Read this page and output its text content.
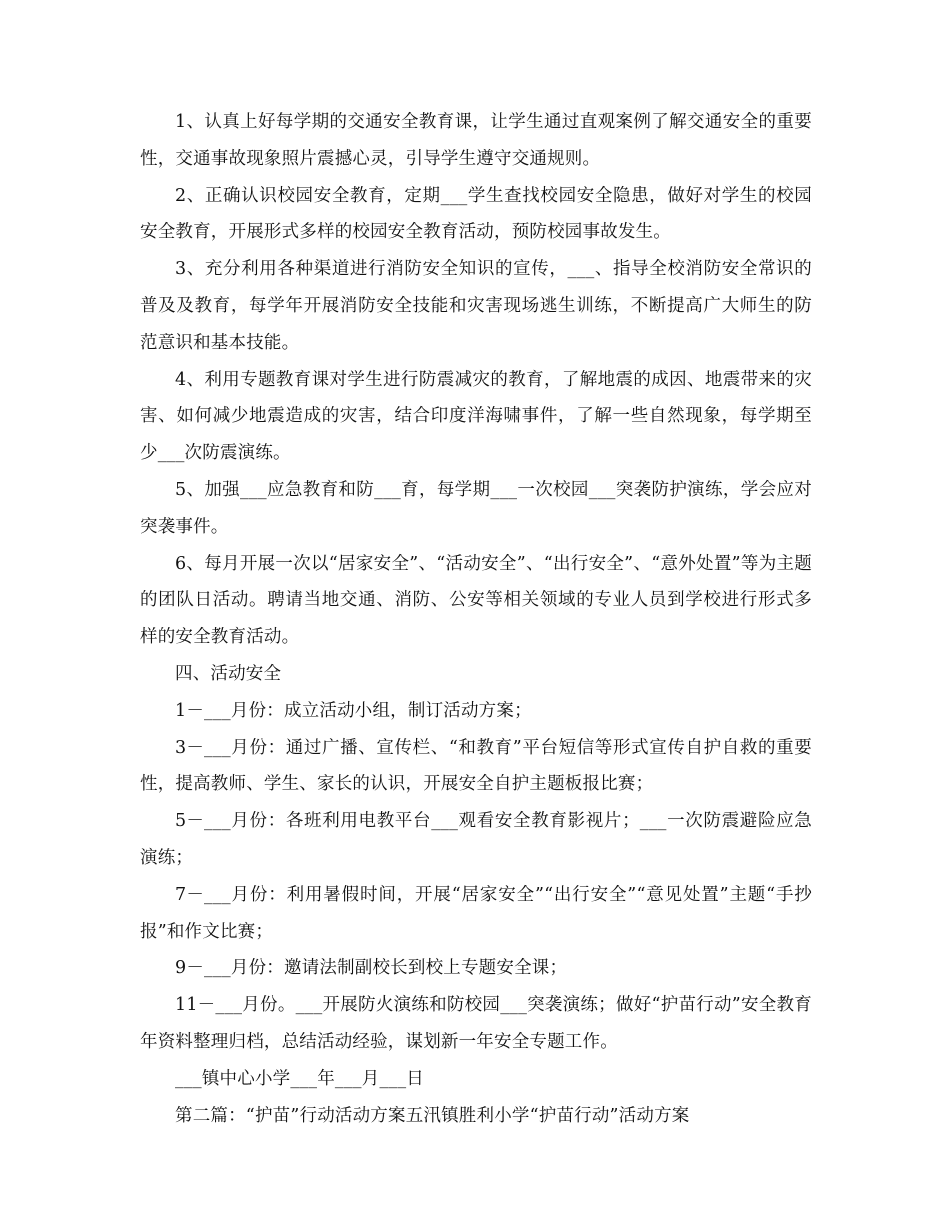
1、认真上好每学期的交通安全教育课，让学生通过直观案例了解交通安全的重要性，交通事故现象照片震撼心灵，引导学生遵守交通规则。

2、正确认识校园安全教育，定期___学生查找校园安全隐患，做好对学生的校园安全教育，开展形式多样的校园安全教育活动，预防校园事故发生。

3、充分利用各种渠道进行消防安全知识的宣传，___、指导全校消防安全常识的普及及教育，每学年开展消防安全技能和灾害现场逃生训练，不断提高广大师生的防范意识和基本技能。

4、利用专题教育课对学生进行防震减灾的教育，了解地震的成因、地震带来的灾害、如何减少地震造成的灾害，结合印度洋海啸事件，了解一些自然现象，每学期至少___次防震演练。

5、加强___应急教育和防___育，每学期___一次校园___突袭防护演练，学会应对突袭事件。

6、每月开展一次以“居家安全”、“活动安全”、“出行安全”、“意外处置”等为主题的团队日活动。聘请当地交通、消防、公安等相关领域的专业人员到学校进行形式多样的安全教育活动。

四、活动安全

1－___月份：成立活动小组，制订活动方案；

3－___月份：通过广播、宣传栏、“和教育”平台短信等形式宣传自护自救的重要性，提高教师、学生、家长的认识，开展安全自护主题板报比赛；

5－___月份：各班利用电教平台___观看安全教育影视片；___一次防震避险应急演练；

7－___月份：利用暑假时间，开展“居家安全”“出行安全”“意见处置”主题“手抄报”和作文比赛；

9－___月份：邀请法制副校长到校上专题安全课；

11－___月份。___开展防火演练和防校园___突袭演练；做好“护苗行动”安全教育年资料整理归档，总结活动经验，谋划新一年安全专题工作。

___镇中心小学___年___月___日

第二篇：“护苗”行动活动方案五汛镇胜利小学“护苗行动”活动方案
